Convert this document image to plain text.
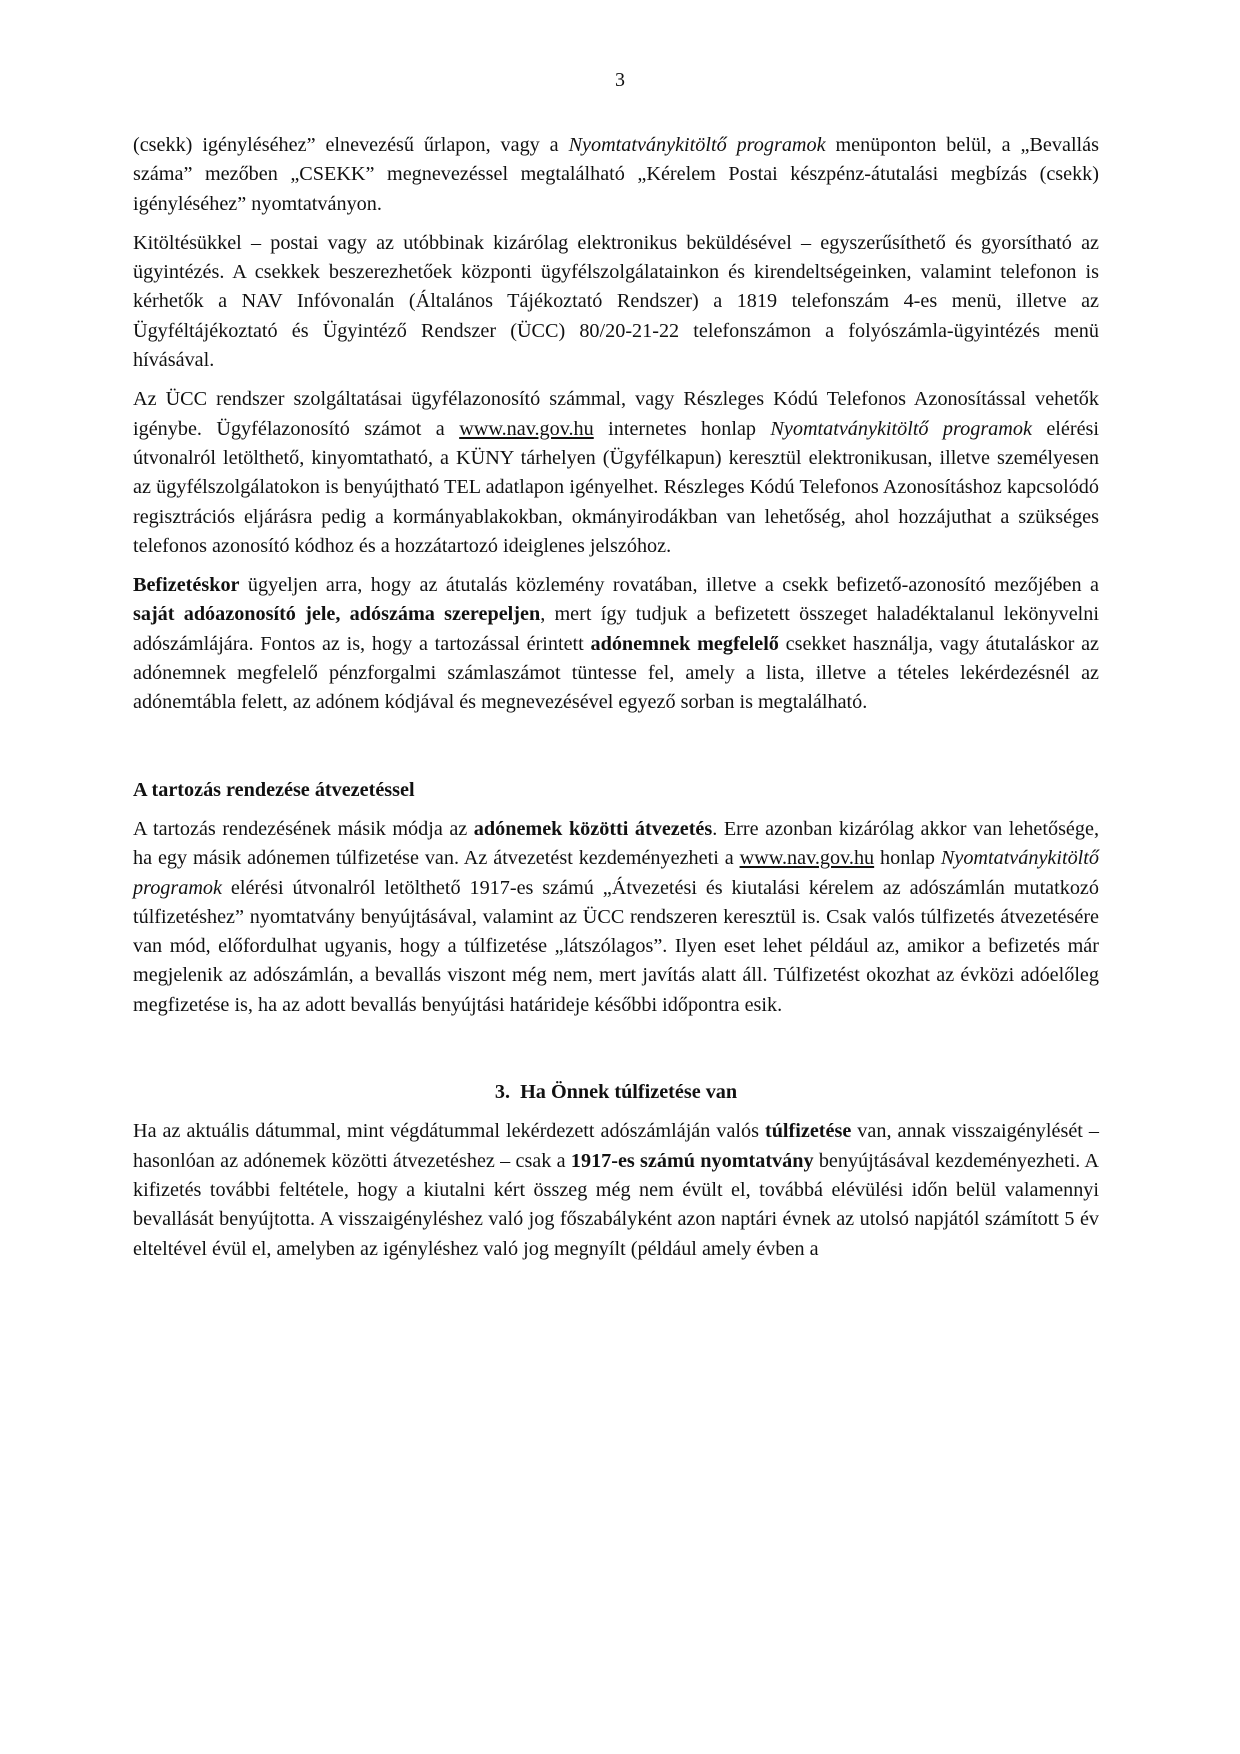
3

(csekk) igényléséhez” elnevezésű űrlapon, vagy a Nyomtatványkitöltő programok menüponton belül, a „Bevallás száma” mezőben „CSEKK” megnevezéssel megtalálható „Kérelem Postai készpénz-átutalási megbízás (csekk) igényléséhez” nyomtatványon.

Kitöltésükkel – postai vagy az utóbbinak kizárólag elektronikus beküldésével – egyszerűsíthető és gyorsítható az ügyintézés. A csekkek beszerezhetőek központi ügyfélszolgálatainkon és kirendeltségeinken, valamint telefonon is kérhetők a NAV Infóvonalán (Általános Tájékoztató Rendszer) a 1819 telefonszám 4-es menü, illetve az Ügyféltájékoztató és Ügyintéző Rendszer (ÜCC) 80/20-21-22 telefonszámon a folyószámla-ügyintézés menü hívásával.

Az ÜCC rendszer szolgáltatásai ügyfélazonosító számmal, vagy Részleges Kódú Telefonos Azonosítással vehetők igénybe. Ügyfélazonosító számot a www.nav.gov.hu internetes honlap Nyomtatványkitöltő programok elérési útvonalról letölthető, kinyomtatható, a KÜNY tárhelyen (Ügyfélkapun) keresztül elektronikusan, illetve személyesen az ügyfélszolgálatokon is benyújtható TEL adatlapon igényelhet. Részleges Kódú Telefonos Azonosításhoz kapcsolódó regisztrációs eljárásra pedig a kormányablakokban, okmányirodákban van lehetőség, ahol hozzájuthat a szükséges telefonos azonosító kódhoz és a hozzátartozó ideiglenes jelszóhoz.

Befizetéskor ügyeljen arra, hogy az átutalás közlemény rovatában, illetve a csekk befizető-azonosító mezőjében a saját adóazonosító jele, adószáma szerepeljen, mert így tudjuk a befizetett összeget haladéktalanul lekönyvelni adószámlájára. Fontos az is, hogy a tartozással érintett adónemnek megfelelő csekket használja, vagy átutaláskor az adónemnek megfelelő pénzforgalmi számlaszámot tüntesse fel, amely a lista, illetve a tételes lekérdezésnél az adónemtábla felett, az adónem kódjával és megnevezésével egyező sorban is megtalálható.

A tartozás rendezése átvezetéssel

A tartozás rendezésének másik módja az adónemek közötti átvezetés. Erre azonban kizárólag akkor van lehetősége, ha egy másik adónemen túlfizetése van. Az átvezetést kezdeményezheti a www.nav.gov.hu honlap Nyomtatványkitöltő programok elérési útvonalról letölthető 1917-es számú „Átvezetési és kiutalási kérelem az adószámlán mutatkozó túlfizetéshez” nyomtatvány benyújtásával, valamint az ÜCC rendszeren keresztül is. Csak valós túlfizetés átvezetésére van mód, előfordulhat ugyanis, hogy a túlfizetése „látszólagos”. Ilyen eset lehet például az, amikor a befizetés már megjelenik az adószámlán, a bevallás viszont még nem, mert javítás alatt áll. Túlfizetést okozhat az évközi adóelőleg megfizetése is, ha az adott bevallás benyújtási határideje későbbi időpontra esik.

3.  Ha Önnek túlfizetése van

Ha az aktuális dátummal, mint végdátummal lekérdezett adószámláján valós túlfizetése van, annak visszaigénylését – hasonlóan az adónemek közötti átvezetéshez – csak a 1917-es számú nyomtatvány benyújtásával kezdeményezheti. A kifizetés további feltétele, hogy a kiutalni kért összeg még nem évült el, továbbá elévülési időn belül valamennyi bevallását benyújtotta. A visszaigényléshez való jog főszabályként azon naptári évnek az utolsó napjától számított 5 év elteltével évül el, amelyben az igényléshez való jog megnyílt (például amely évben a
